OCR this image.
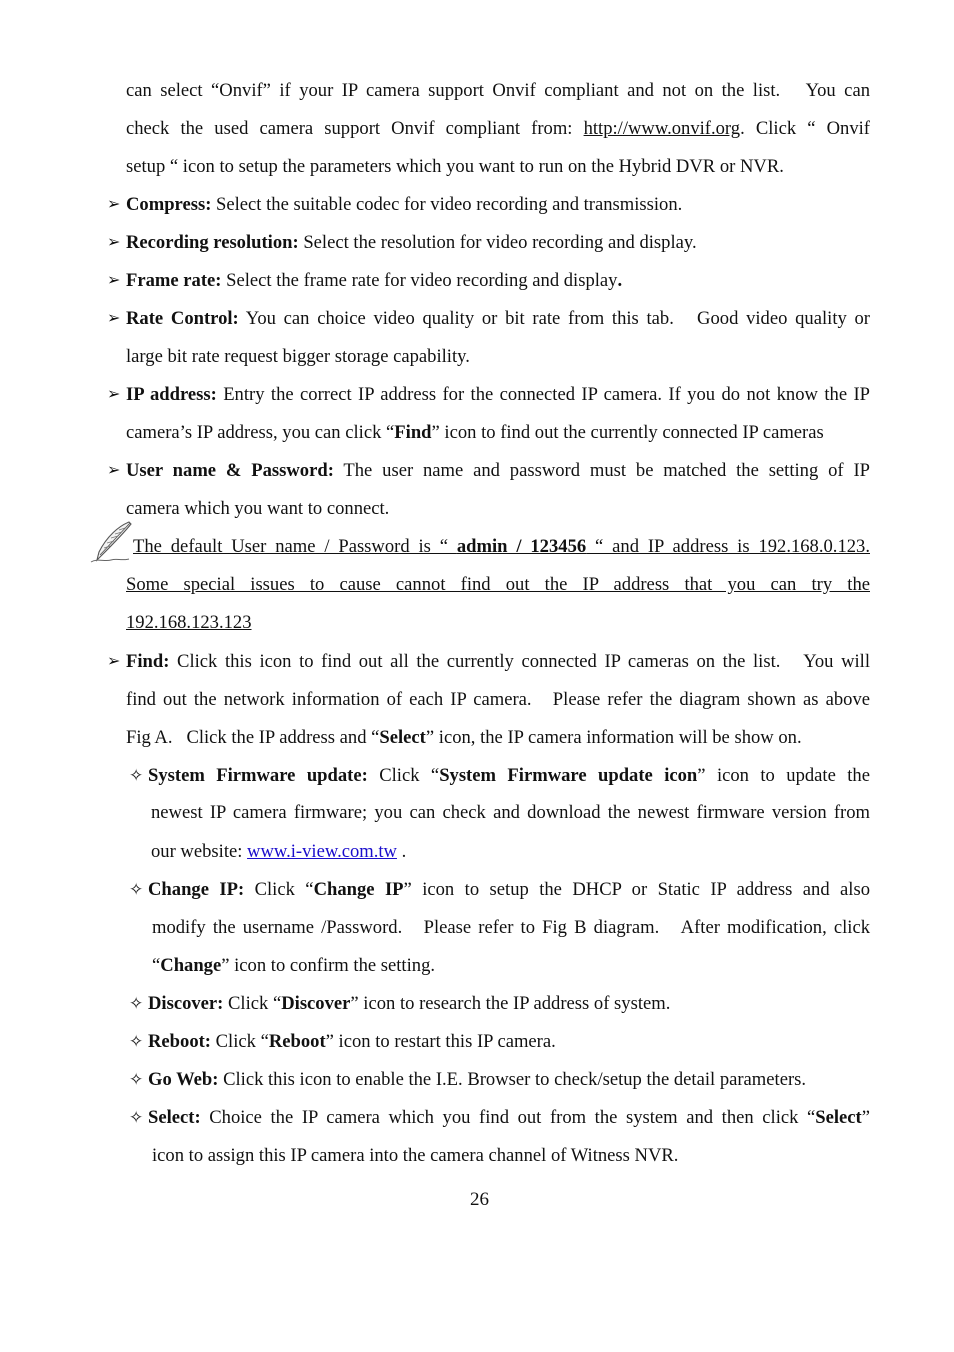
can select “Onvif” if your IP camera support Onvif compliant and not on the list.   You can
check the used camera support Onvif compliant from: http://www.onvif.org. Click “ Onvif
setup “ icon to setup the parameters which you want to run on the Hybrid DVR or NVR.
➢ Compress: Select the suitable codec for video recording and transmission.
➢ Recording resolution: Select the resolution for video recording and display.
➢ Frame rate: Select the frame rate for video recording and display.
➢ Rate Control: You can choice video quality or bit rate from this tab.   Good video quality or
large bit rate request bigger storage capability.
➢ IP address: Entry the correct IP address for the connected IP camera. If you do not know the IP
camera’s IP address, you can click “Find” icon to find out the currently connected IP cameras
➢ User name & Password: The user name and password must be matched the setting of IP
camera which you want to connect.
The default User name / Password is “ admin / 123456 “ and IP address is 192.168.0.123.
Some special issues to cause cannot find out the IP address that you can try the
192.168.123.123
➢ Find: Click this icon to find out all the currently connected IP cameras on the list.   You will
find out the network information of each IP camera.   Please refer the diagram shown as above
Fig A.   Click the IP address and “Select” icon, the IP camera information will be show on.
✧ System Firmware update: Click “System Firmware update icon” icon to update the
newest IP camera firmware; you can check and download the newest firmware version from
our website: www.i-view.com.tw .
✧ Change IP: Click “Change IP” icon to setup the DHCP or Static IP address and also
modify the username /Password.   Please refer to Fig B diagram.   After modification, click
“Change” icon to confirm the setting.
✧ Discover: Click “Discover” icon to research the IP address of system.
✧ Reboot: Click “Reboot” icon to restart this IP camera.
✧ Go Web: Click this icon to enable the I.E. Browser to check/setup the detail parameters.
✧ Select: Choice the IP camera which you find out from the system and then click “Select”
icon to assign this IP camera into the camera channel of Witness NVR.
26
